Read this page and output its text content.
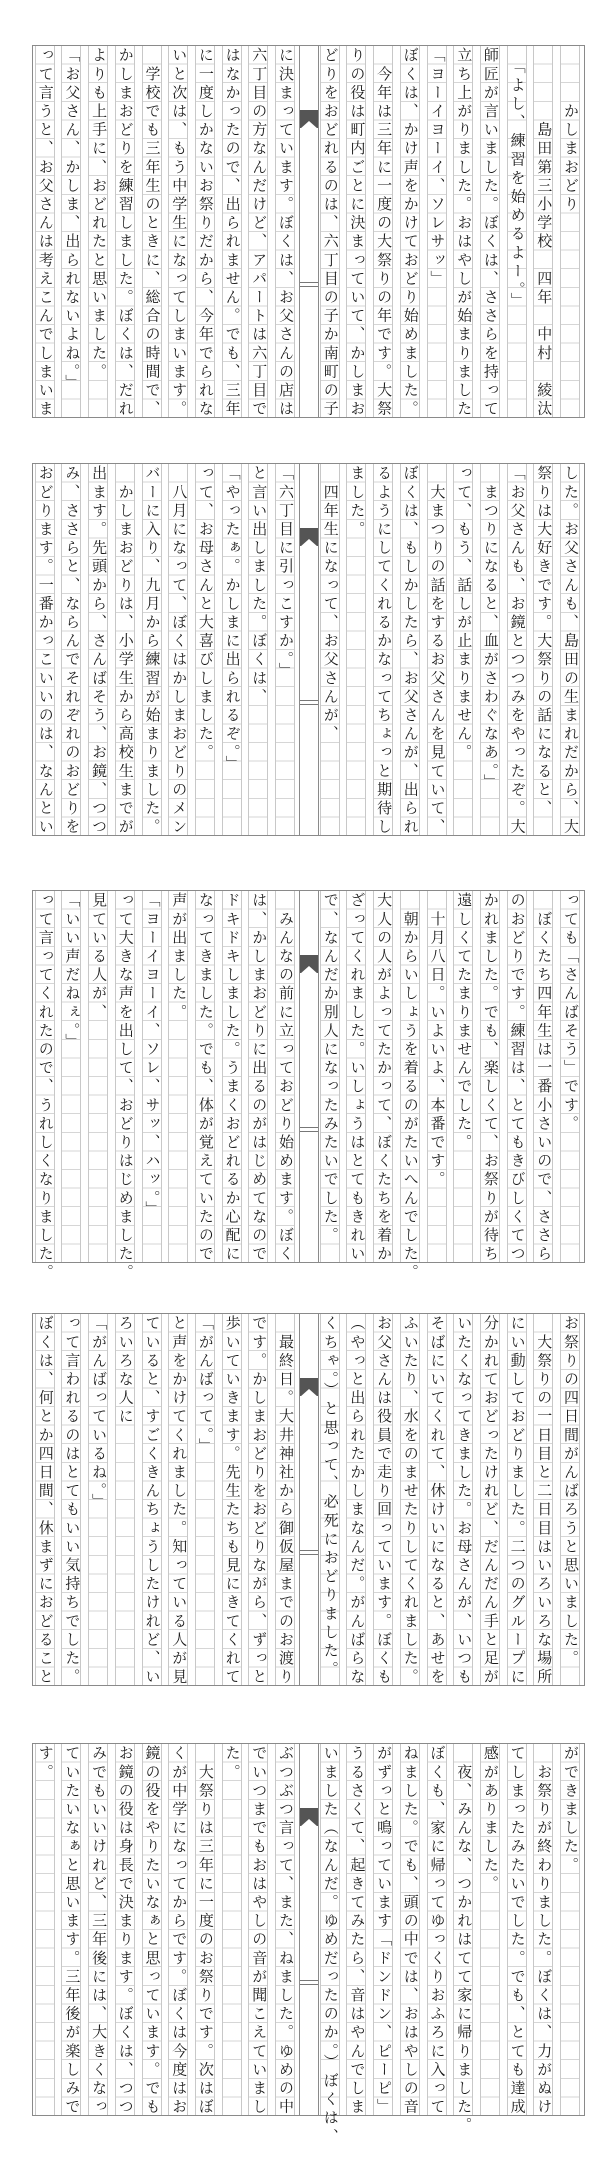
　　　かしまおどり
　　　　島田第三小学校　四年　中村　綾汰
　「よし、練習を始めるよー。」
師匠が言いました。ぼくは、ささらを持って
立ち上がりました。おはやしが始まりました
「ヨーイヨーイ、ソレサッ」
ぼくは、かけ声をかけておどり始めました。
　今年は三年に一度の大祭りの年です。大祭
りの役は町内ごとに決まっていて、かしまお
どりをおどれるのは、六丁目の子か南町の子
に決まっています。ぼくは、お父さんの店は
六丁目の方なんだけど、アパートは六丁目で
はなかったので、出られません。でも、三年
に一度しかないお祭りだから、今年でられな
いと次は、もう中学生になってしまいます。
　学校でも三年生のときに、総合の時間で、
かしまおどりを練習しました。ぼくは、だれ
よりも上手に、おどれたと思いました。
「お父さん、かしま、出られないよね。」
って言うと、お父さんは考えこんでしまいま
した。お父さんも、島田の生まれだから、大
祭りは大好きです。大祭りの話になると、
「お父さんも、お鏡とつつみをやったぞ。大
　まつりになると、血がさわぐなあ。」
って、もう、話しが止まりません。
　大まつりの話をするお父さんを見ていて、
ぼくは、もしかしたら、お父さんが、出られ
るようにしてくれるかなってちょっと期待し
ました。
　四年生になって、お父さんが、
「六丁目に引っこすか。」
と言い出しました。ぼくは、
「やったぁ。かしまに出られるぞ。」
って、お母さんと大喜びしました。
　八月になって、ぼくはかしまおどりのメン
バーに入り、九月から練習が始まりました。
　かしまおどりは、小学生から高校生までが
出ます。先頭から、さんばそう、お鏡、つつ
み、ささらと、ならんでそれぞれのおどりを
おどります。一番かっこいいのは、なんとい
っても「さんばそう」です。
　ぼくたち四年生は一番小さいので、ささら
のおどりです。練習は、とてもきびしくてつ
かれました。でも、楽しくて、お祭りが待ち
遠しくてたまりませんでした。
　十月八日。いよいよ、本番です。
　朝からいしょうを着るのがたいへんでした。
大人の人がよってたかって、ぼくたちを着か
ざってくれました。いしょうはとてもきれい
で、なんだか別人になったみたいでした。
　みんなの前に立っておどり始めます。ぼく
は、かしまおどりに出るのがはじめてなので
ドキドキしました。うまくおどれるか心配に
なってきました。でも、体が覚えていたので
声が出ました。
「ヨーイヨーイ、ソレ、サッ、ハッ。」
って大きな声を出して、おどりはじめました。
見ている人が、
「いい声だねぇ。」
って言ってくれたので、うれしくなりました。
お祭りの四日間がんばろうと思いました。
　大祭りの一日目と二日目はいろいろな場所
にい動しておどりました。二つのグループに
分かれておどったけれど、だんだん手と足が
いたくなってきました。お母さんが、いつも
そばにいてくれて、休けいになると、あせを
ふいたり、水をのませたりしてくれました。
お父さんは役員で走り回っています。ぼくも
（やっと出られたかしまなんだ。がんばらな
くちゃ。）と思って、必死におどりました。
　最終日。大井神社から御仮屋までのお渡り
です。かしまおどりをおどりながら、ずっと
歩いていきます。先生たちも見にきてくれて
「がんばって。」
と声をかけてくれました。知っている人が見
ていると、すごくきんちょうしたけれど、い
ろいろな人に
「がんばっているね。」
って言われるのはとてもいい気持ちでした。
ぼくは、何とか四日間、休まずにおどること
ができました。
　お祭りが終わりました。ぼくは、力がぬけ
てしまったみたいでした。でも、とても達成
感がありました。
　夜、みんな、つかれはてて家に帰りました。
ぼくも、家に帰ってゆっくりおふろに入って
ねました。でも、頭の中では、おはやしの音
がずっと鳴っています「ドンドン、ピーピ」
うるさくて、起きてみたら、音はやんでしま
いました（なんだ。ゆめだったのか。）ぼくは、
ぶつぶつ言って、また、ねました。ゆめの中
でいつまでもおはやしの音が聞こえていまし
た。
　大祭りは三年に一度のお祭りです。次はぼ
くが中学になってからです。ぼくは今度はお
鏡の役をやりたいなぁと思っています。でも
お鏡の役は身長で決まります。ぼくは、つつ
みでもいいけれど、三年後には、大きくなっ
ていたいなぁと思います。三年後が楽しみで
す。
